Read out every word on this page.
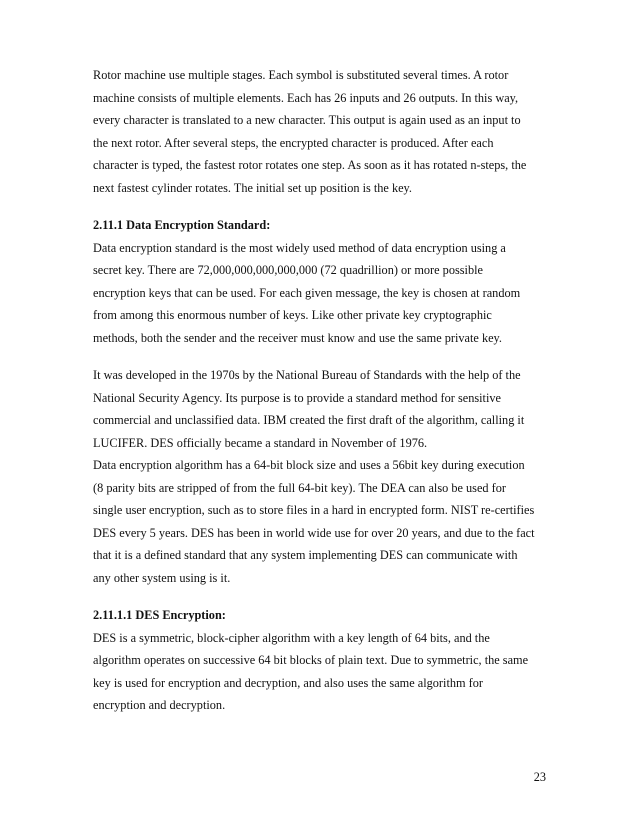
Rotor machine use multiple stages. Each symbol is substituted several times. A rotor
machine consists of multiple elements. Each has 26 inputs and 26 outputs. In this way,
every character is translated to a new character. This output is again used as an input to
the next rotor. After several steps, the encrypted character is produced. After each
character is typed, the fastest rotor rotates one step. As soon as it has rotated n-steps, the
next fastest cylinder rotates. The initial set up position is the key.
2.11.1 Data Encryption Standard:
Data encryption standard is the most widely used method of data encryption using a
secret key. There are 72,000,000,000,000,000 (72 quadrillion) or more possible
encryption keys that can be used. For each given message, the key is chosen at random
from among this enormous number of keys. Like other private key cryptographic
methods, both the sender and the receiver must know and use the same private key.
It was developed in the 1970s by the National Bureau of Standards with the help of the
National Security Agency. Its purpose is to provide a standard method for sensitive
commercial and unclassified data. IBM created the first draft of the algorithm, calling it
LUCIFER. DES officially became a standard in November of 1976.
Data encryption algorithm has a 64-bit block size and uses a 56bit key during execution
(8 parity bits are stripped of from the full 64-bit key). The DEA can also be used for
single user encryption, such as to store files in a hard in encrypted form. NIST re-certifies
DES every 5 years. DES has been in world wide use for over 20 years, and due to the fact
that it is a defined standard that any system implementing DES can communicate with
any other system using is it.
2.11.1.1 DES Encryption:
DES is a symmetric, block-cipher algorithm with a key length of 64 bits, and the
algorithm operates on successive 64 bit blocks of plain text. Due to symmetric, the same
key is used for encryption and decryption, and also uses the same algorithm for
encryption and decryption.
23
